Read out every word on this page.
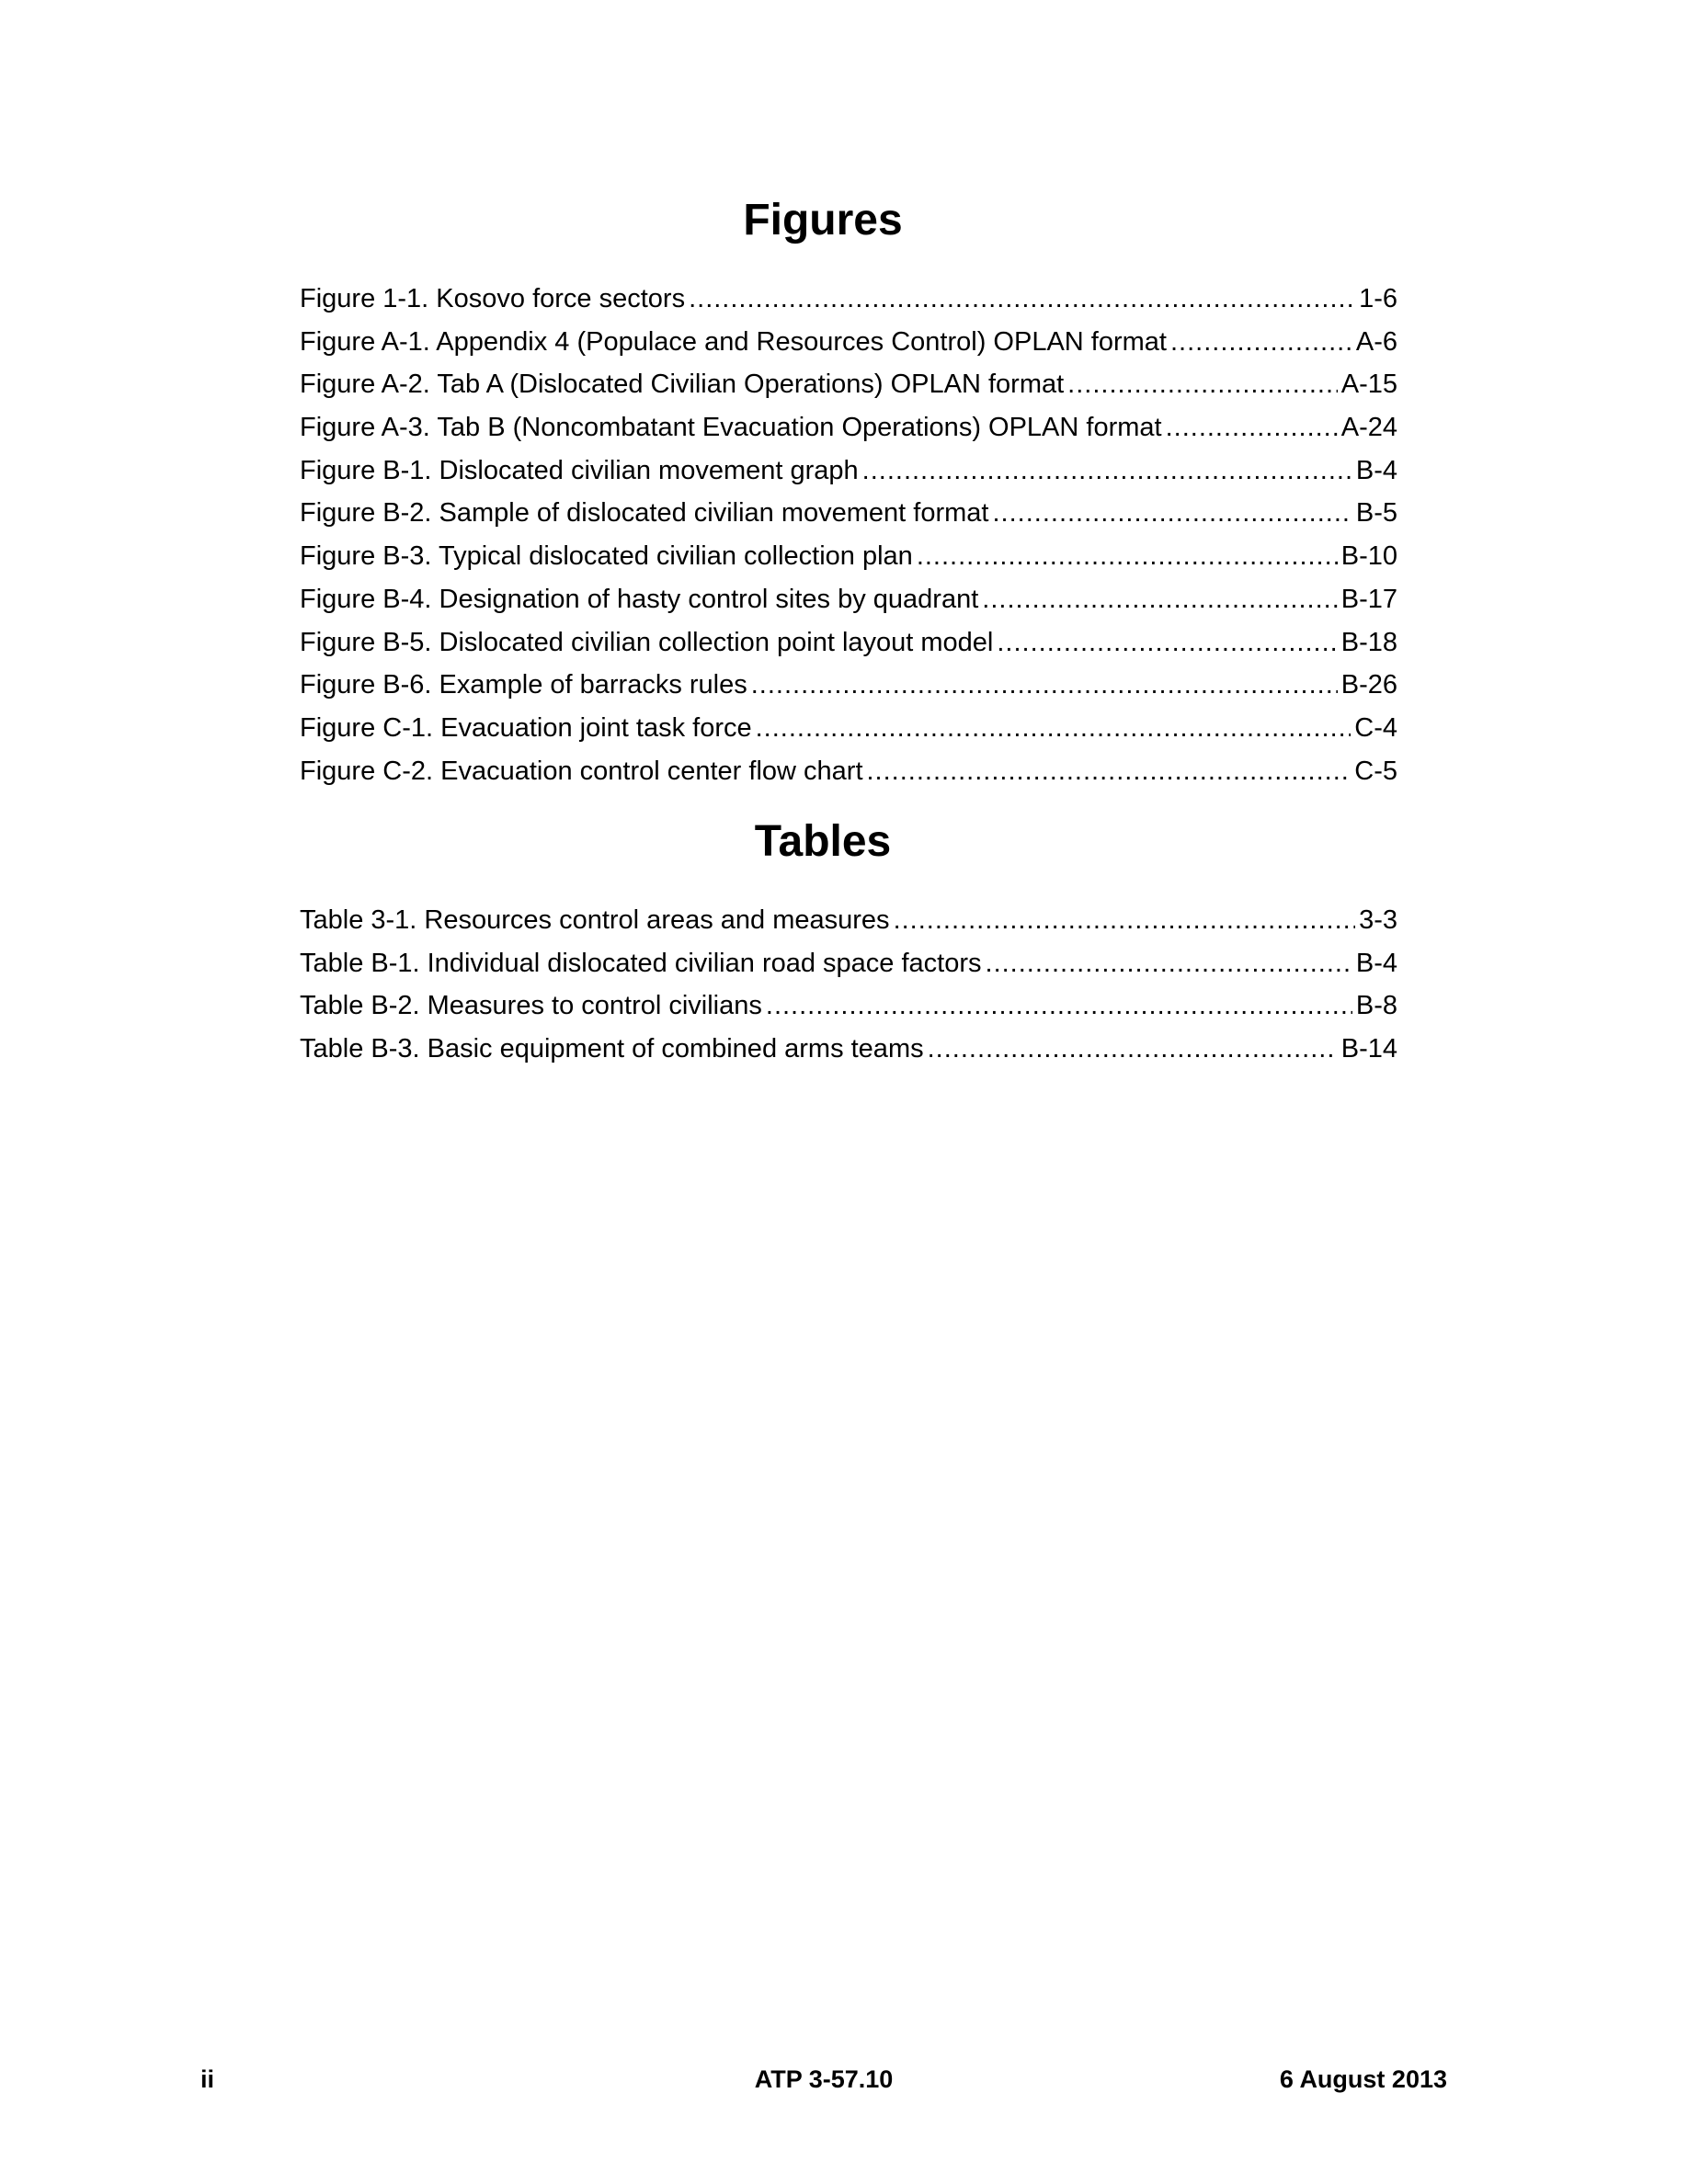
Figures
Figure 1-1. Kosovo force sectors .....	1-6
Figure A-1. Appendix 4 (Populace and Resources Control) OPLAN format .....	A-6
Figure A-2. Tab A (Dislocated Civilian Operations) OPLAN format .....	A-15
Figure A-3. Tab B (Noncombatant Evacuation Operations) OPLAN format .....	A-24
Figure B-1. Dislocated civilian movement graph .....	B-4
Figure B-2. Sample of dislocated civilian movement format .....	B-5
Figure B-3. Typical dislocated civilian collection plan .....	B-10
Figure B-4. Designation of hasty control sites by quadrant .....	B-17
Figure B-5. Dislocated civilian collection point layout model .....	B-18
Figure B-6. Example of barracks rules .....	B-26
Figure C-1. Evacuation joint task force .....	C-4
Figure C-2. Evacuation control center flow chart .....	C-5
Tables
Table 3-1. Resources control areas and measures .....	3-3
Table B-1. Individual dislocated civilian road space factors .....	B-4
Table B-2. Measures to control civilians .....	B-8
Table B-3. Basic equipment of combined arms teams .....	B-14
ii	ATP 3-57.10	6 August 2013
